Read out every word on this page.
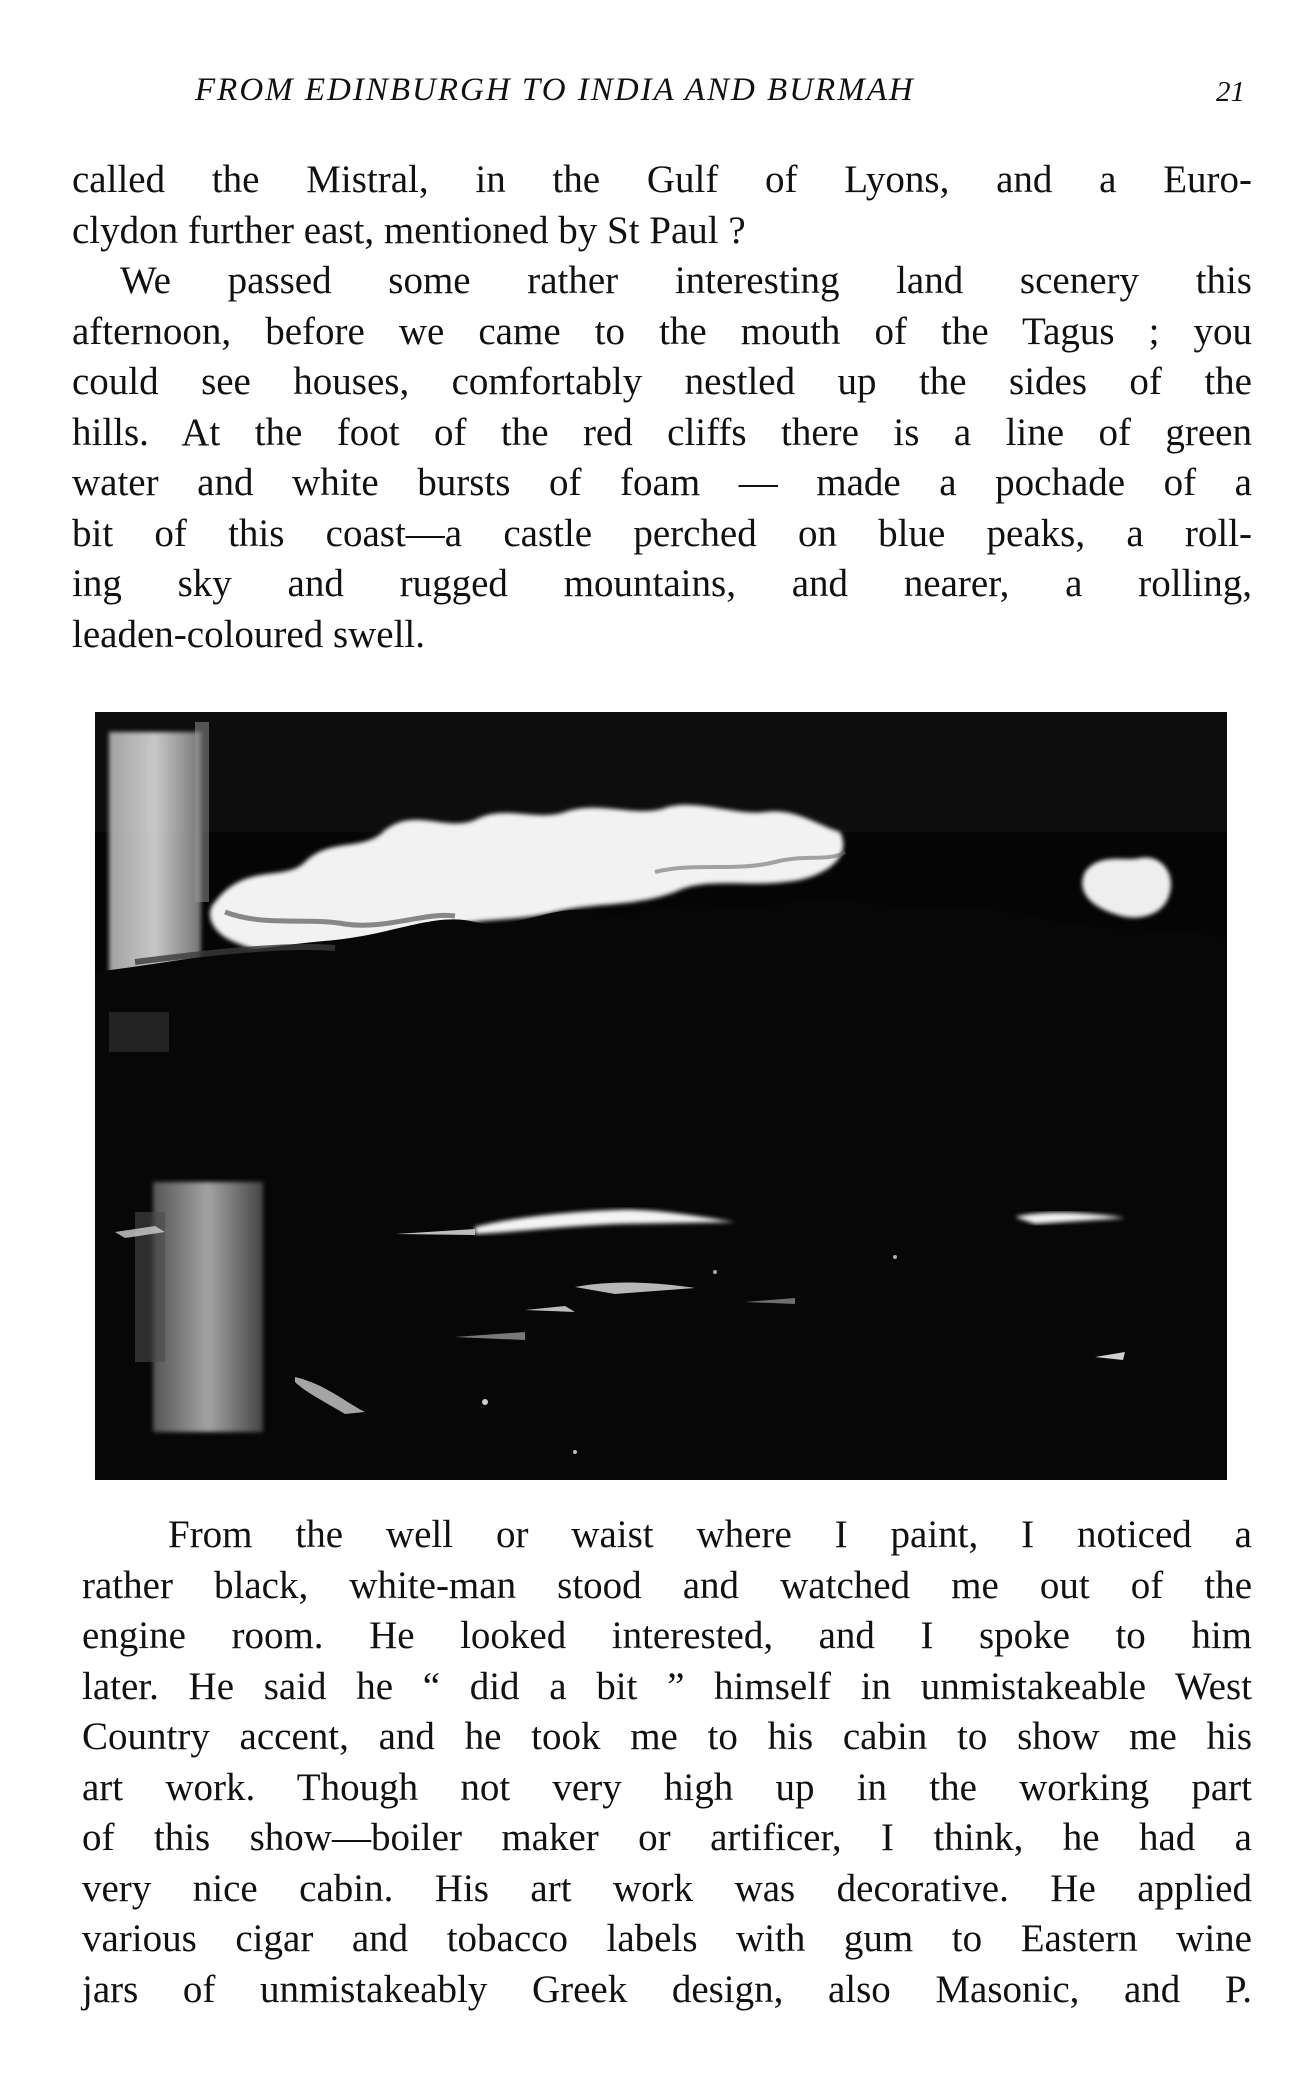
FROM EDINBURGH TO INDIA AND BURMAH	21
called the Mistral, in the Gulf of Lyons, and a Euro-
clydon further east, mentioned by St Paul ?
We passed some rather interesting land scenery this
afternoon, before we came to the mouth of the Tagus ; you
could see houses, comfortably nestled up the sides of the
hills. At the foot of the red cliffs there is a line of green
water and white bursts of foam — made a pochade of a
bit of this coast—a castle perched on blue peaks, a roll-
ing sky and rugged mountains, and nearer, a rolling,
leaden-coloured swell.
From the well or waist where I paint, I noticed a
rather black, white-man stood and watched me out of the
engine room. He looked interested, and I spoke to him
later. He said he “ did a bit ” himself in unmistakeable West
Country accent, and he took me to his cabin to show me his
art work. Though not very high up in the working part
of this show—boiler maker or artificer, I think, he had a
very nice cabin. His art work was decorative. He applied
various cigar and tobacco labels with gum to Eastern wine
jars of unmistakeably Greek design, also Masonic, and P.
